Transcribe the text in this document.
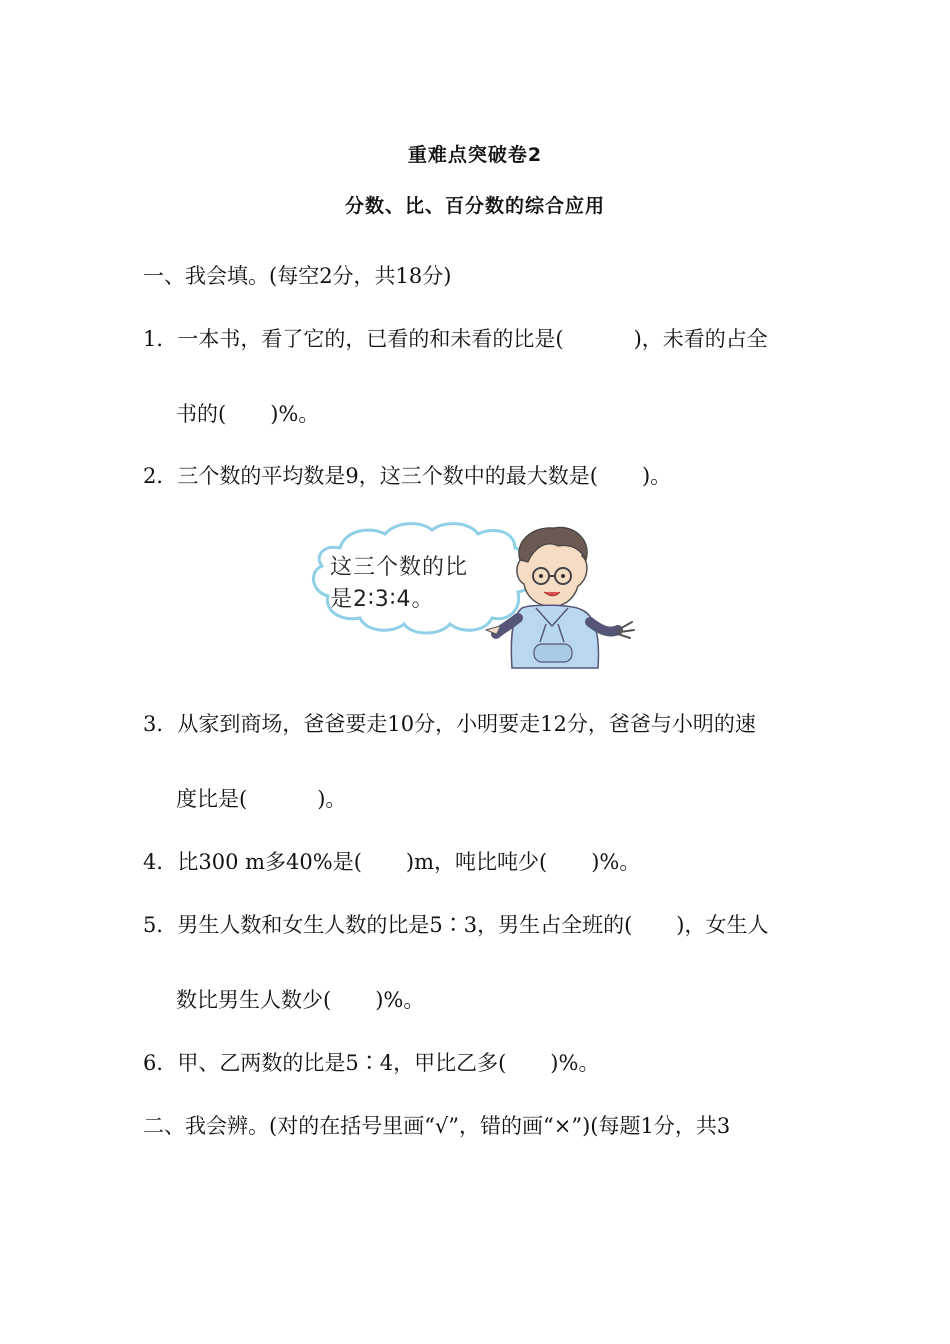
重难点突破卷2
分数、比、百分数的综合应用
一、我会填。(每空2分，共18分)
1．一本书，看了它的，已看的和未看的比是(	)，未看的占全
书的( )%。
2．三个数的平均数是9，这三个数中的最大数是( )。
这三个数的比
是2∶3∶4。
3．从家到商场，爸爸要走10分，小明要走12分，爸爸与小明的速
度比是(	)。
4．比300 m多40%是( )m，吨比吨少( )%。
5．男生人数和女生人数的比是5∶3，男生占全班的( )，女生人
数比男生人数少( )%。
6．甲、乙两数的比是5∶4，甲比乙多( )%。
二、我会辨。(对的在括号里画“√”，错的画“×”)(每题1分，共3
